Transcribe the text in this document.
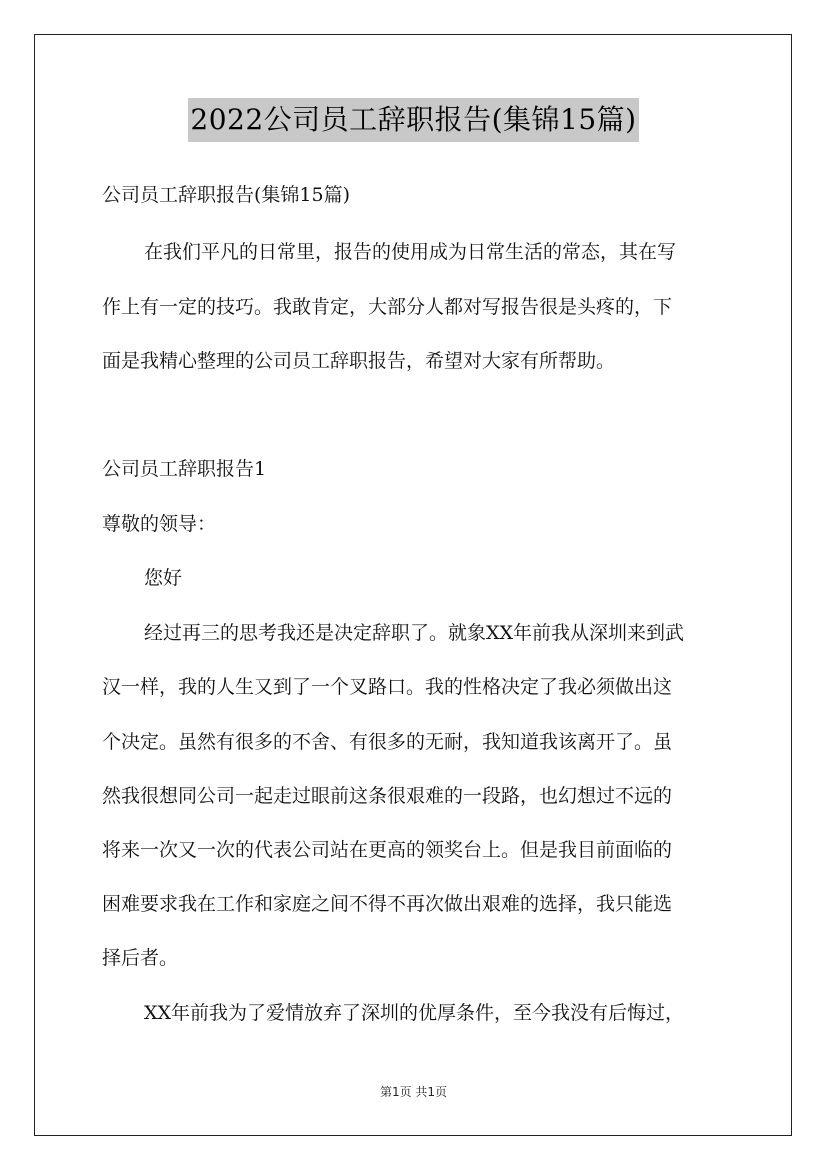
2022公司员工辞职报告(集锦15篇)
公司员工辞职报告(集锦15篇)
在我们平凡的日常里，报告的使用成为日常生活的常态，其在写
作上有一定的技巧。我敢肯定，大部分人都对写报告很是头疼的，下
面是我精心整理的公司员工辞职报告，希望对大家有所帮助。
公司员工辞职报告1
尊敬的领导：
您好
经过再三的思考我还是决定辞职了。就象XX年前我从深圳来到武
汉一样，我的人生又到了一个叉路口。我的性格决定了我必须做出这
个决定。虽然有很多的不舍、有很多的无耐，我知道我该离开了。虽
然我很想同公司一起走过眼前这条很艰难的一段路，也幻想过不远的
将来一次又一次的代表公司站在更高的领奖台上。但是我目前面临的
困难要求我在工作和家庭之间不得不再次做出艰难的选择，我只能选
择后者。
XX年前我为了爱情放弃了深圳的优厚条件，至今我没有后悔过，
第1页 共1页
